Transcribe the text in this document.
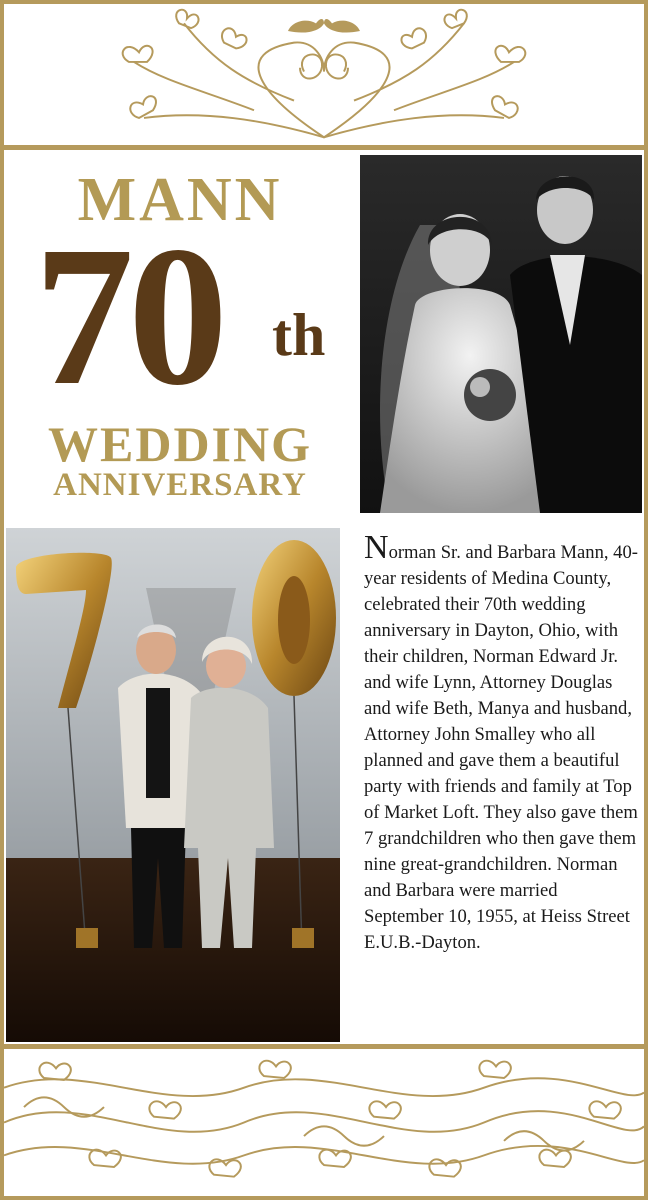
MANN
70 th
WEDDING
ANNIVERSARY
Norman Sr. and Barbara Mann, 40-year residents of Medina County, celebrated their 70th wedding anniversary in Dayton, Ohio, with their children, Norman Edward Jr. and wife Lynn, Attorney Douglas and wife Beth, Manya and husband, Attorney John Smalley who all planned and gave them a beautiful party with friends and family at Top of Market Loft. They also gave them 7 grandchildren who then gave them nine great-grandchildren. Norman and Barbara were married September 10, 1955, at Heiss Street E.U.B.-Dayton.
